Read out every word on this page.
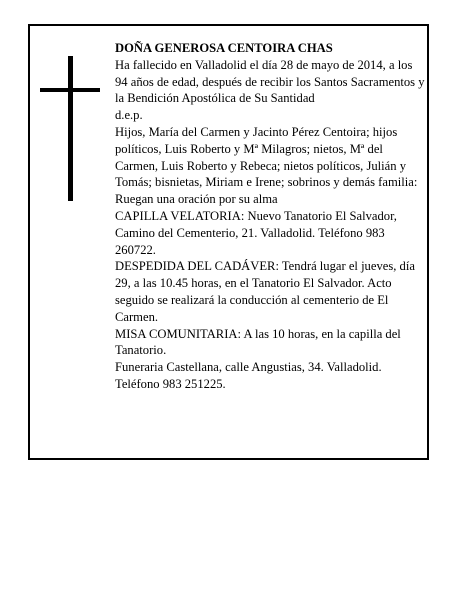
DOÑA GENEROSA CENTOIRA CHAS

Ha fallecido en Valladolid el día 28 de mayo de 2014, a los 94 años de edad, después de recibir los Santos Sacramentos y la Bendición Apostólica de Su Santidad

d.e.p.

Hijos, María del Carmen y Jacinto Pérez Centoira; hijos políticos, Luis Roberto y Mª Milagros; nietos, Mª del Carmen, Luis Roberto y Rebeca; nietos políticos, Julián y Tomás; bisnietas, Miriam e Irene; sobrinos y demás familia:

Ruegan una oración por su alma

CAPILLA VELATORIA: Nuevo Tanatorio El Salvador, Camino del Cementerio, 21. Valladolid. Teléfono 983 260722.

DESPEDIDA DEL CADÁVER: Tendrá lugar el jueves, día 29, a las 10.45 horas, en el Tanatorio El Salvador. Acto seguido se realizará la conducción al cementerio de El Carmen.

MISA COMUNITARIA: A las 10 horas, en la capilla del Tanatorio.

Funeraria Castellana, calle Angustias, 34. Valladolid. Teléfono 983 251225.
